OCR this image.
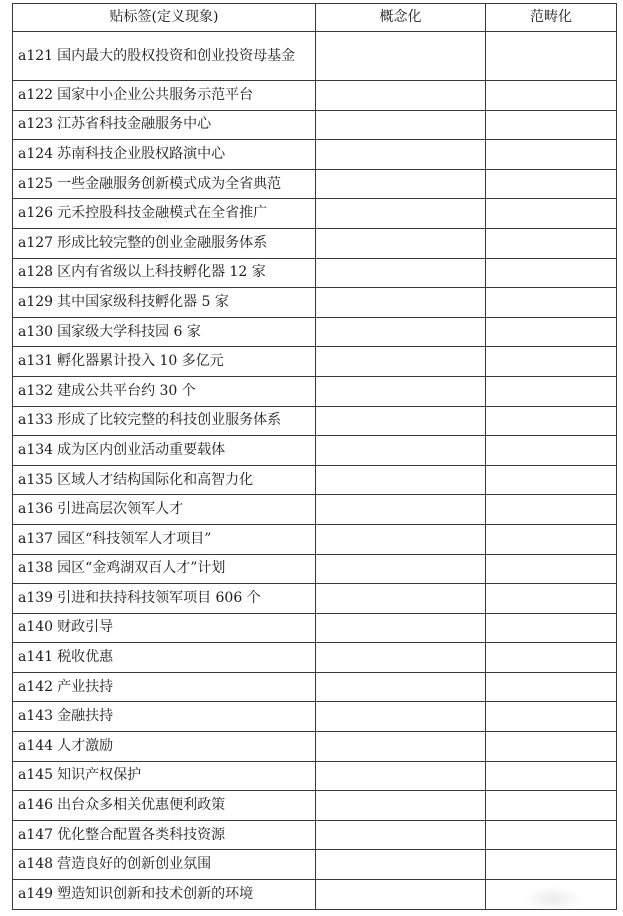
贴标签(定义现象)	概念化	范畴化
a121 国内最大的股权投资和创业投资母基金		
a122 国家中小企业公共服务示范平台		
a123 江苏省科技金融服务中心		
a124 苏南科技企业股权路演中心		
a125 一些金融服务创新模式成为全省典范		
a126 元禾控股科技金融模式在全省推广		
a127 形成比较完整的创业金融服务体系		
a128 区内有省级以上科技孵化器 12 家		
a129 其中国家级科技孵化器 5 家		
a130 国家级大学科技园 6 家		
a131 孵化器累计投入 10 多亿元		
a132 建成公共平台约 30 个		
a133 形成了比较完整的科技创业服务体系		
a134 成为区内创业活动重要载体		
a135 区域人才结构国际化和高智力化		
a136 引进高层次领军人才		
a137 园区“科技领军人才项目”		
a138 园区“金鸡湖双百人才”计划		
a139 引进和扶持科技领军项目 606 个		
a140 财政引导		
a141 税收优惠		
a142 产业扶持		
a143 金融扶持		
a144 人才激励		
a145 知识产权保护		
a146 出台众多相关优惠便利政策		
a147 优化整合配置各类科技资源		
a148 营造良好的创新创业氛围		
a149 塑造知识创新和技术创新的环境		
